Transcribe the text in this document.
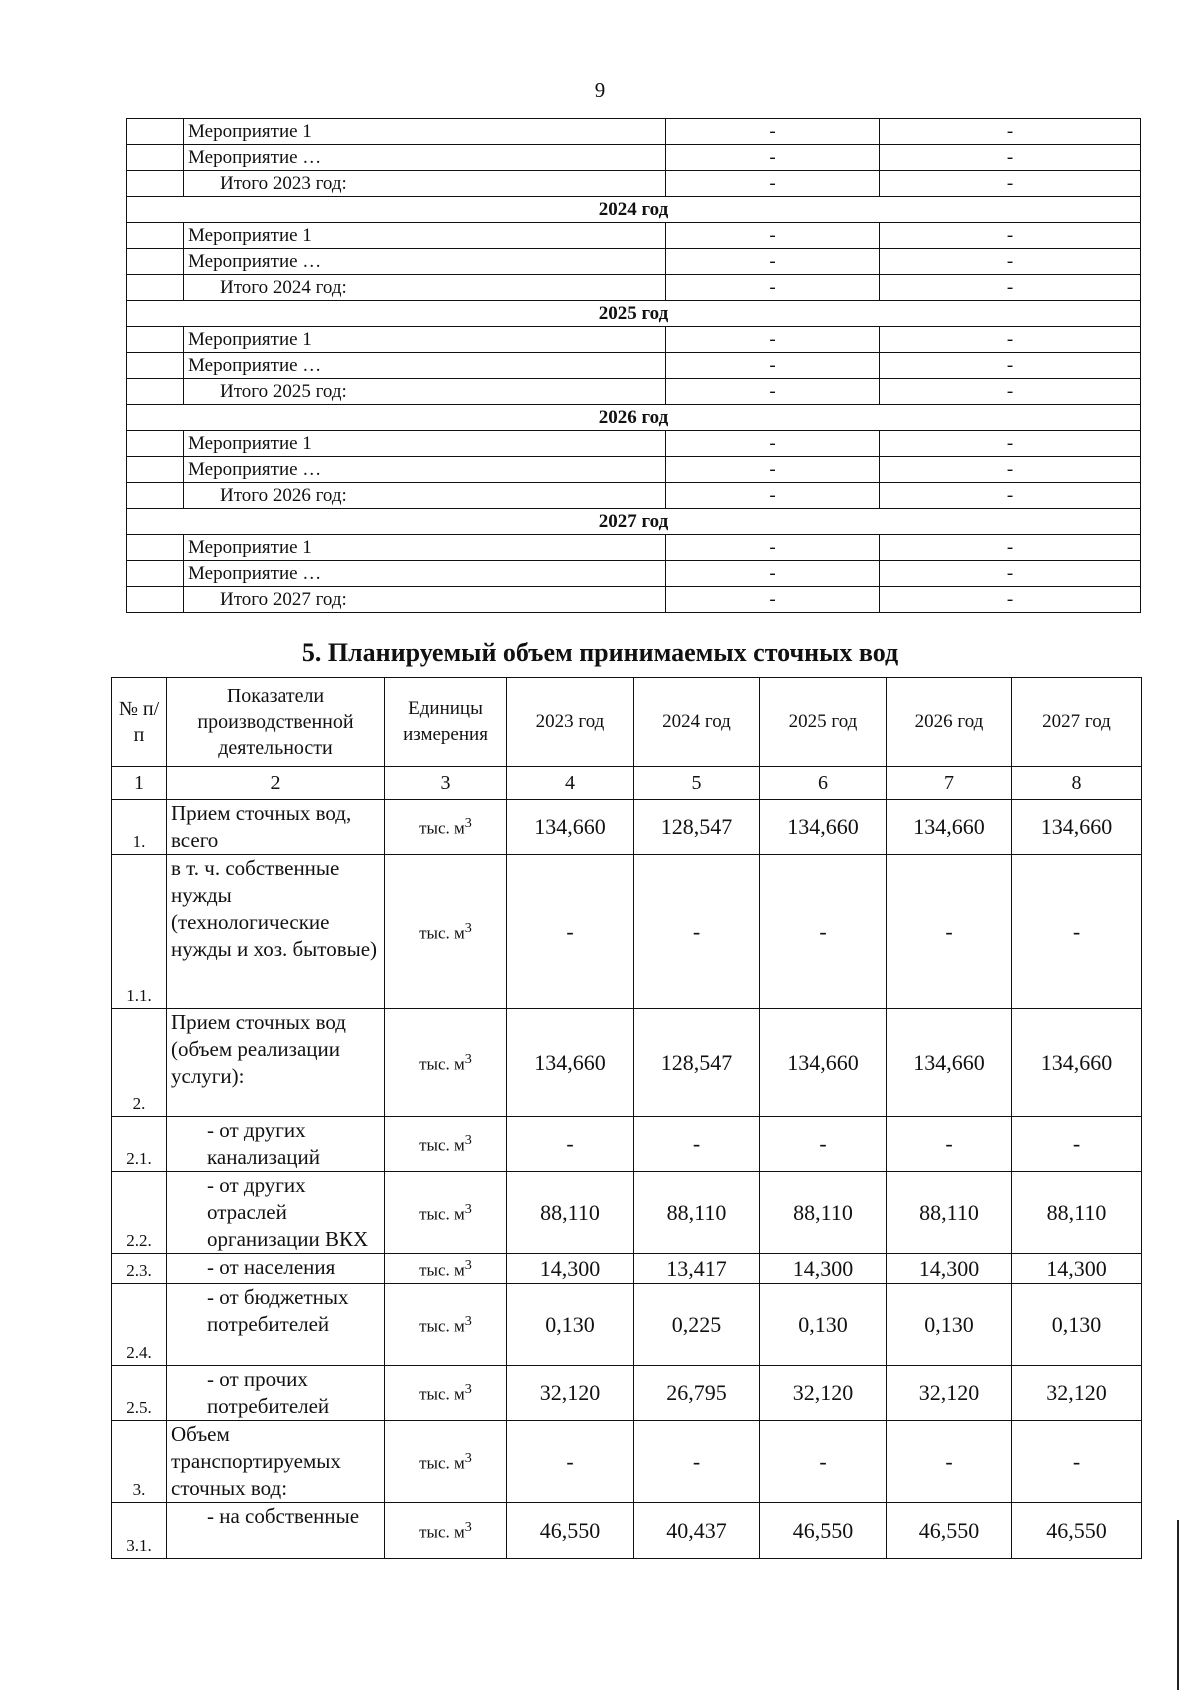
9
	Мероприятие 1	-	-
	Мероприятие …	-	-
	Итого 2023 год:	-	-
2024 год			
	Мероприятие 1	-	-
	Мероприятие …	-	-
	Итого 2024 год:	-	-
2025 год			
	Мероприятие 1	-	-
	Мероприятие …	-	-
	Итого 2025 год:	-	-
2026 год			
	Мероприятие 1	-	-
	Мероприятие …	-	-
	Итого 2026 год:	-	-
2027 год			
	Мероприятие 1	-	-
	Мероприятие …	-	-
	Итого 2027 год:	-	-
5. Планируемый объем принимаемых сточных вод
№ п/ п	Показатели производственной деятельности	Единицы измерения	2023 год	2024 год	2025 год	2026 год	2027 год
1	2	3	4	5	6	7	8
1.	Прием сточных вод, всего	тыс. $м^3$	134,660	128,547	134,660	134,660	134,660
1.1.	в т. ч. собственные нужды (технологические нужды и хоз. бытовые)	тыс. $м^3$	-	-	-	-	-
2.	Прием сточных вод (объем реализации услуги):	тыс. $м^3$	134,660	128,547	134,660	134,660	134,660
2.1.	- от других канализаций	тыс. $м^3$	-	-	-	-	-
2.2.	- от других отраслей организации ВКХ	тыс. $м^3$	88,110	88,110	88,110	88,110	88,110
2.3.	- от населения	тыс. $м^3$	14,300	13,417	14,300	14,300	14,300
2.4.	- от бюджетных потребителей	тыс. $м^3$	0,130	0,225	0,130	0,130	0,130
2.5.	- от прочих потребителей	тыс. $м^3$	32,120	26,795	32,120	32,120	32,120
3.	Объем транспортируемых сточных вод:	тыс. $м^3$	-	-	-	-	-
3.1.	- на собственные	тыс. $м^3$	46,550	40,437	46,550	46,550	46,550
